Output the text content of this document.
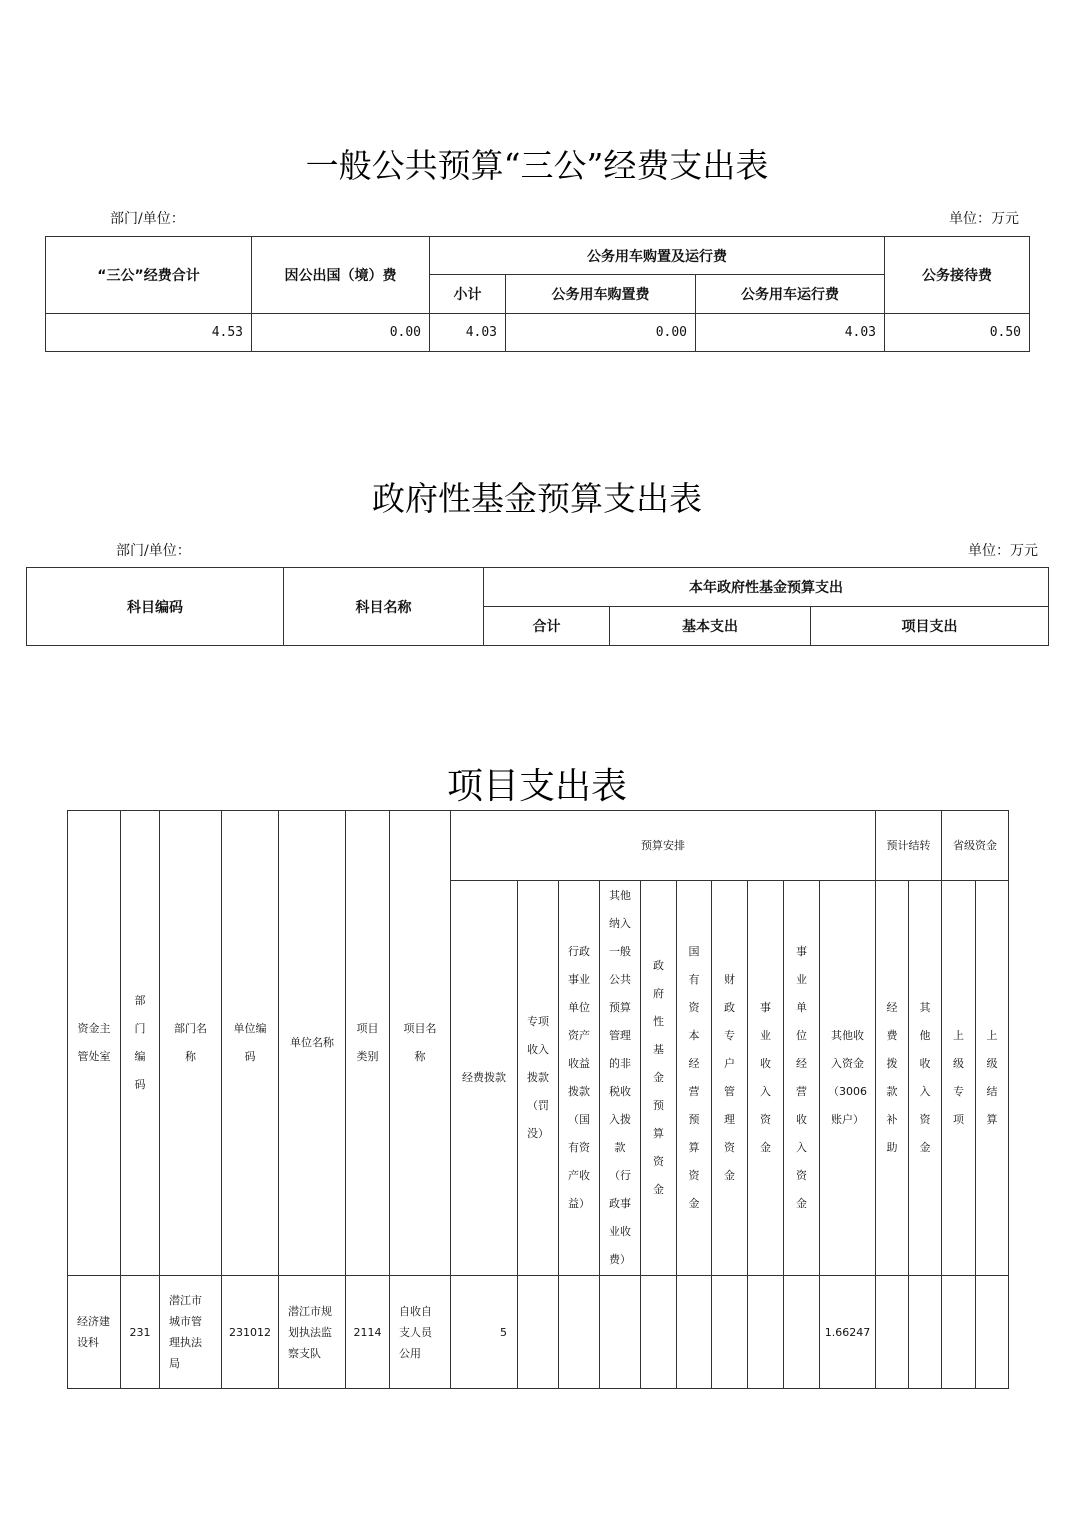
一般公共预算“三公”经费支出表
部门/单位：	单位：万元
“三公”经费合计	因公出国（境）费	公务用车购置及运行费			公务接待费
		小计	公务用车购置费	公务用车运行费	
4.53	0.00	4.03	0.00	4.03	0.50
政府性基金预算支出表
部门/单位：	单位：万元
科目编码	科目名称	本年政府性基金预算支出		
		合计	基本支出	项目支出
项目支出表
资金主管处室	部门编码	部门名称	单位编码	单位名称	项目类别	项目名称	预算安排										预计结转		省级资金	
							经费拨款	专项收入拨款（罚没）	行政事业单位资产收益拨款（国有资产收益）	其他纳入一般公共预算管理的非税收入拨款（行政事业收费）	政府性基金预算资金	国有资本经营预算资金	财政专户管理资金	事业收入资金	事业单位经营收入资金	其他收入资金（3006账户）	经费拨款补助	其他收入资金	上级专项	上级结算
经济建设科	231	潜江市城市管理执法局	231012	潜江市规划执法监察支队	2114	自收自支人员公用	5									1.66247				
